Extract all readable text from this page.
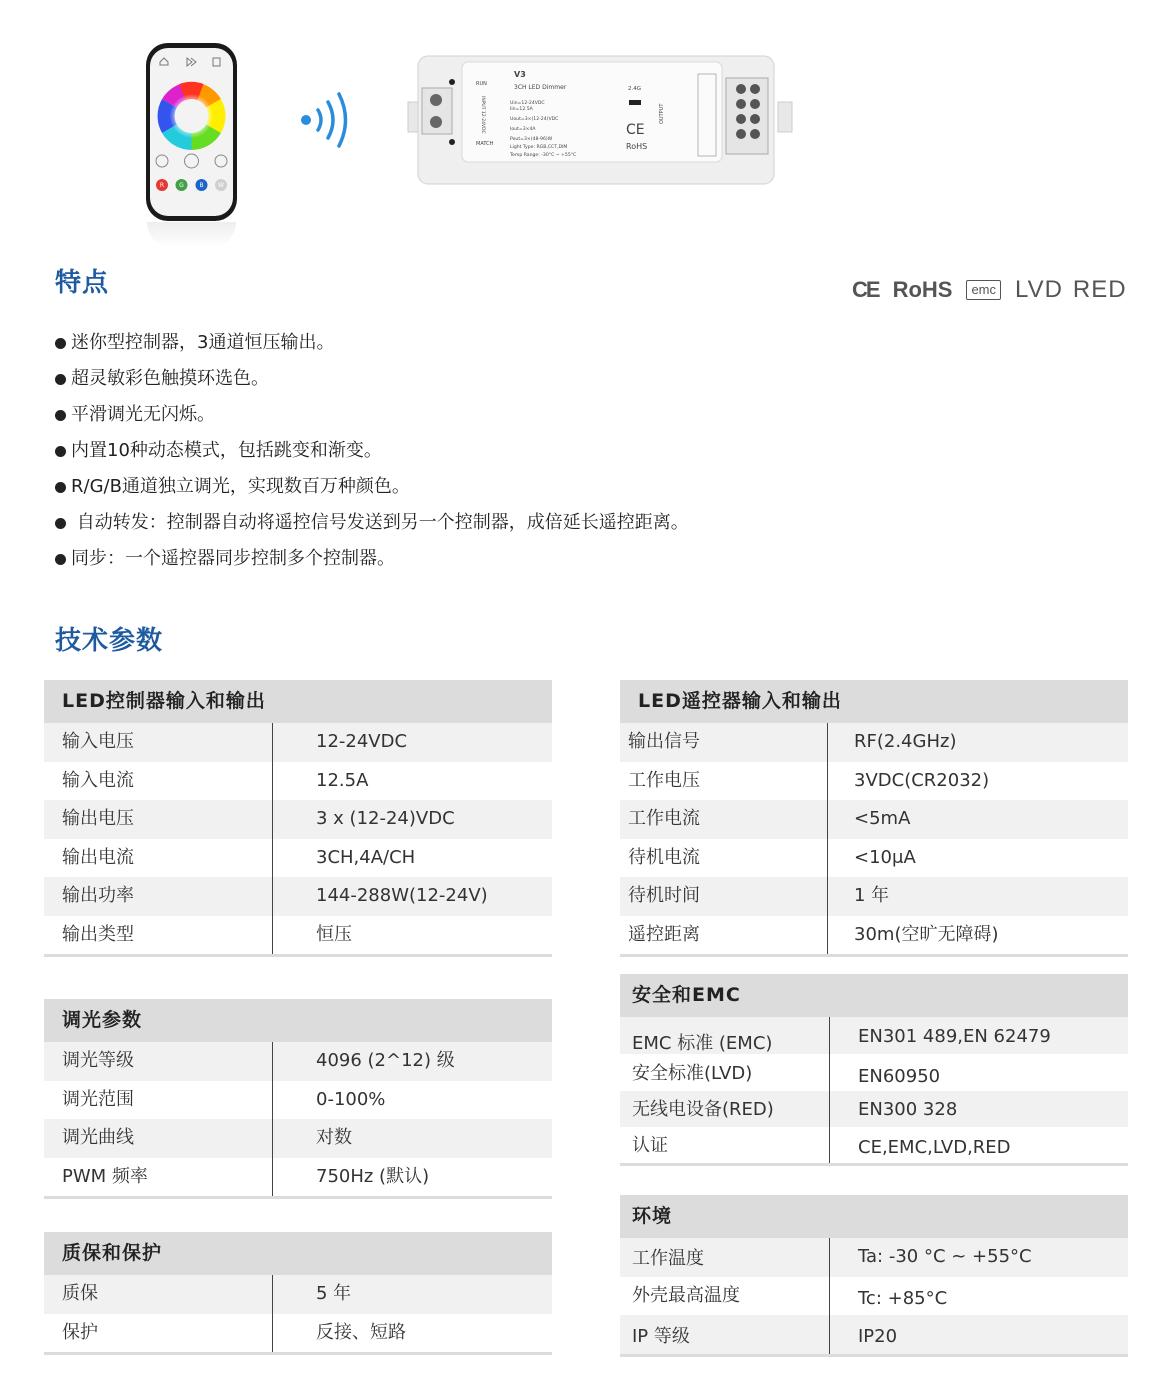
R	G	B W
RUN
MATCH
INPUT 12-24VDC
V3
3CH LED Dimmer
Uin=12-24VDC
Iin=12.5A
Uout=3×(12-24)VDC
Iout=3×4A
Pout=3×(48-96)W
Light Type: RGB,CCT,DIM
Temp Range: -30°C ~ +55°C
2.4G
CE
RoHS
OUTPUT
特点	CE RoHS	emc LVD RED
迷你型控制器，3通道恒压输出。
超灵敏彩色触摸环选色。
平滑调光无闪烁。
内置10种动态模式，包括跳变和渐变。
R/G/B通道独立调光，实现数百万种颜色。
自动转发：控制器自动将遥控信号发送到另一个控制器，成倍延长遥控距离。
同步：一个遥控器同步控制多个控制器。
技术参数
LED控制器输入和输出
输入电压	12-24VDC
输入电流	12.5A
输出电压	3 x (12-24)VDC
输出电流	3CH,4A/CH
输出功率	144-288W(12-24V)
输出类型	恒压
调光参数
调光等级	4096 (2^12) 级
调光范围	0-100%
调光曲线	对数
PWM 频率	750Hz (默认)
质保和保护
质保	5 年
保护	反接、短路
LED遥控器输入和输出
输出信号	RF(2.4GHz)
工作电压	3VDC(CR2032)
工作电流	<5mA
待机电流	<10μA
待机时间	1 年
遥控距离	30m(空旷无障碍)
安全和EMC
EMC 标准 (EMC)	EN301 489,EN 62479
安全标准(LVD)	EN60950
无线电设备(RED)	EN300 328
认证	CE,EMC,LVD,RED
环境
工作温度	Ta: -30 °C ~ +55°C
外壳最高温度	Tc: +85°C
IP 等级	IP20
